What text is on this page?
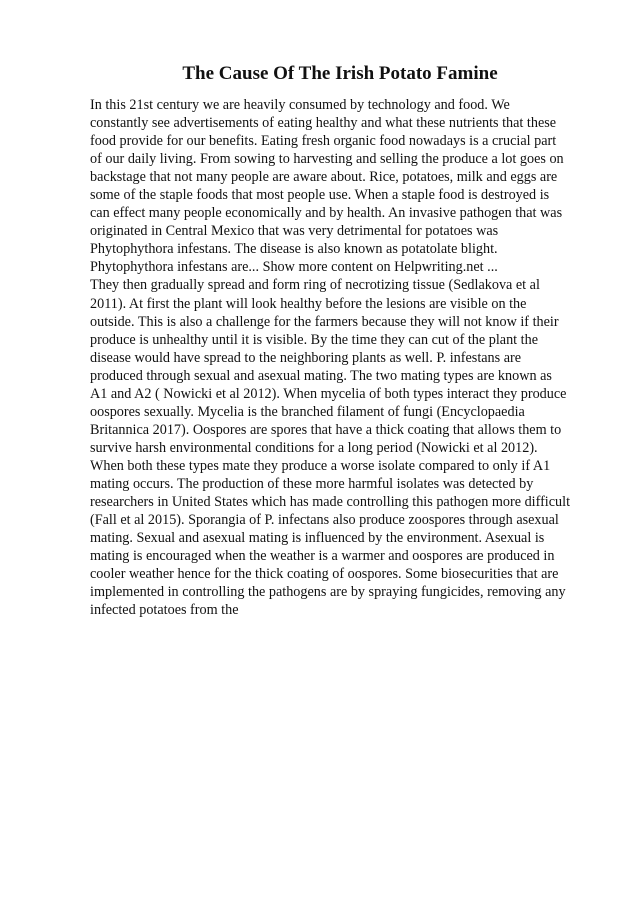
The Cause Of The Irish Potato Famine
In this 21st century we are heavily consumed by technology and food. We
constantly see advertisements of eating healthy and what these nutrients that these
food provide for our benefits. Eating fresh organic food nowadays is a crucial part
of our daily living. From sowing to harvesting and selling the produce a lot goes on
backstage that not many people are aware about. Rice, potatoes, milk and eggs are
some of the staple foods that most people use. When a staple food is destroyed is
can effect many people economically and by health. An invasive pathogen that was
originated in Central Mexico that was very detrimental for potatoes was
Phytophythora infestans. The disease is also known as potatolate blight.
Phytophythora infestans are... Show more content on Helpwriting.net ...
They then gradually spread and form ring of necrotizing tissue (Sedlakova et al
2011). At first the plant will look healthy before the lesions are visible on the
outside. This is also a challenge for the farmers because they will not know if their
produce is unhealthy until it is visible. By the time they can cut of the plant the
disease would have spread to the neighboring plants as well. P. infestans are
produced through sexual and asexual mating. The two mating types are known as
A1 and A2 ( Nowicki et al 2012). When mycelia of both types interact they produce
oospores sexually. Mycelia is the branched filament of fungi (Encyclopaedia
Britannica 2017). Oospores are spores that have a thick coating that allows them to
survive harsh environmental conditions for a long period (Nowicki et al 2012).
When both these types mate they produce a worse isolate compared to only if A1
mating occurs. The production of these more harmful isolates was detected by
researchers in United States which has made controlling this pathogen more difficult
(Fall et al 2015). Sporangia of P. infectans also produce zoospores through asexual
mating. Sexual and asexual mating is influenced by the environment. Asexual is
mating is encouraged when the weather is a warmer and oospores are produced in
cooler weather hence for the thick coating of oospores. Some biosecurities that are
implemented in controlling the pathogens are by spraying fungicides, removing any
infected potatoes from the
